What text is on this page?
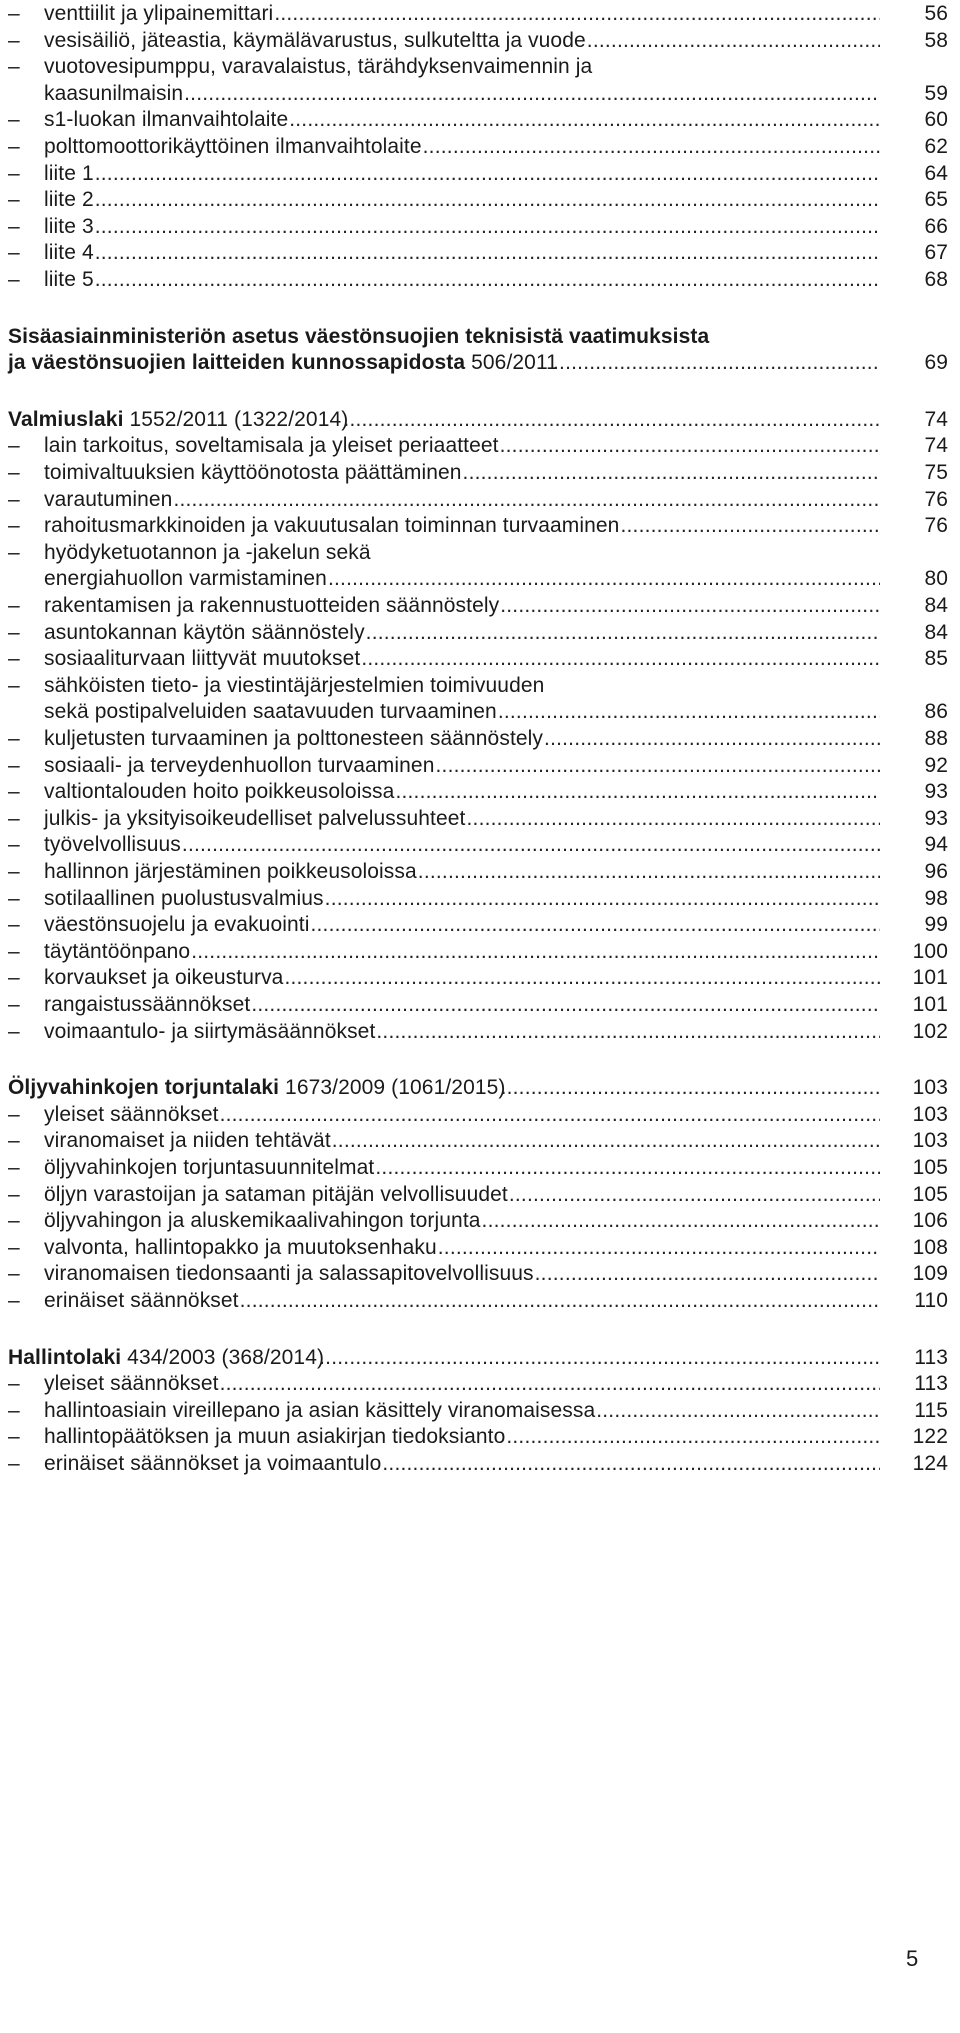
–
venttiilit ja ylipainemittari .....	56
–
vesisäiliö, jäteastia, käymälävarustus, sulkuteltta ja vuode .....	58
–
vuotovesipumppu, varavalaistus, tärähdyksenvaimennin ja
kaasunilmaisin .....	59
–
s1-luokan ilmanvaihtolaite .....	60
–
polttomoottorikäyttöinen ilmanvaihtolaite .....	62
–
liite 1 .....	64
–
liite 2 .....	65
–
liite 3 .....	66
–
liite 4 .....	67
–
liite 5 .....	68
Sisäasiainministeriön asetus väestönsuojien teknisistä vaatimuksista
ja väestönsuojien laitteiden kunnossapidosta 506/2011 .....	69
Valmiuslaki 1552/2011 (1322/2014) .....	74
–
lain tarkoitus, soveltamisala ja yleiset periaatteet .....	74
–
toimivaltuuksien käyttöönotosta päättäminen .....	75
–
varautuminen .....	76
–
rahoitusmarkkinoiden ja vakuutusalan toiminnan turvaaminen .....	76
–
hyödyketuotannon ja -jakelun sekä
energiahuollon varmistaminen .....	80
–
rakentamisen ja rakennustuotteiden säännöstely .....	84
–
asuntokannan käytön säännöstely .....	84
–
sosiaaliturvaan liittyvät muutokset .....	85
–
sähköisten tieto- ja viestintäjärjestelmien toimivuuden
sekä postipalveluiden saatavuuden turvaaminen .....	86
–
kuljetusten turvaaminen ja polttonesteen säännöstely .....	88
–
sosiaali- ja terveydenhuollon turvaaminen .....	92
–
valtiontalouden hoito poikkeusoloissa .....	93
–
julkis- ja yksityisoikeudelliset palvelussuhteet .....	93
–
työvelvollisuus .....	94
–
hallinnon järjestäminen poikkeusoloissa .....	96
–
sotilaallinen puolustusvalmius .....	98
–
väestönsuojelu ja evakuointi .....	99
–
täytäntöönpano .....	100
–
korvaukset ja oikeusturva .....	101
–
rangaistussäännökset .....	101
–
voimaantulo- ja siirtymäsäännökset .....	102
Öljyvahinkojen torjuntalaki 1673/2009 (1061/2015) .....	103
–
yleiset säännökset .....	103
–
viranomaiset ja niiden tehtävät .....	103
–
öljyvahinkojen torjuntasuunnitelmat .....	105
–
öljyn varastoijan ja sataman pitäjän velvollisuudet .....	105
–
öljyvahingon ja aluskemikaalivahingon torjunta .....	106
–
valvonta, hallintopakko ja muutoksenhaku .....	108
–
viranomaisen tiedonsaanti ja salassapitovelvollisuus .....	109
–
erinäiset säännökset .....	110
Hallintolaki 434/2003 (368/2014) .....	113
–
yleiset säännökset .....	113
–
hallintoasiain vireillepano ja asian käsittely viranomaisessa .....	115
–
hallintopäätöksen ja muun asiakirjan tiedoksianto .....	122
–
erinäiset säännökset ja voimaantulo .....	124
5
